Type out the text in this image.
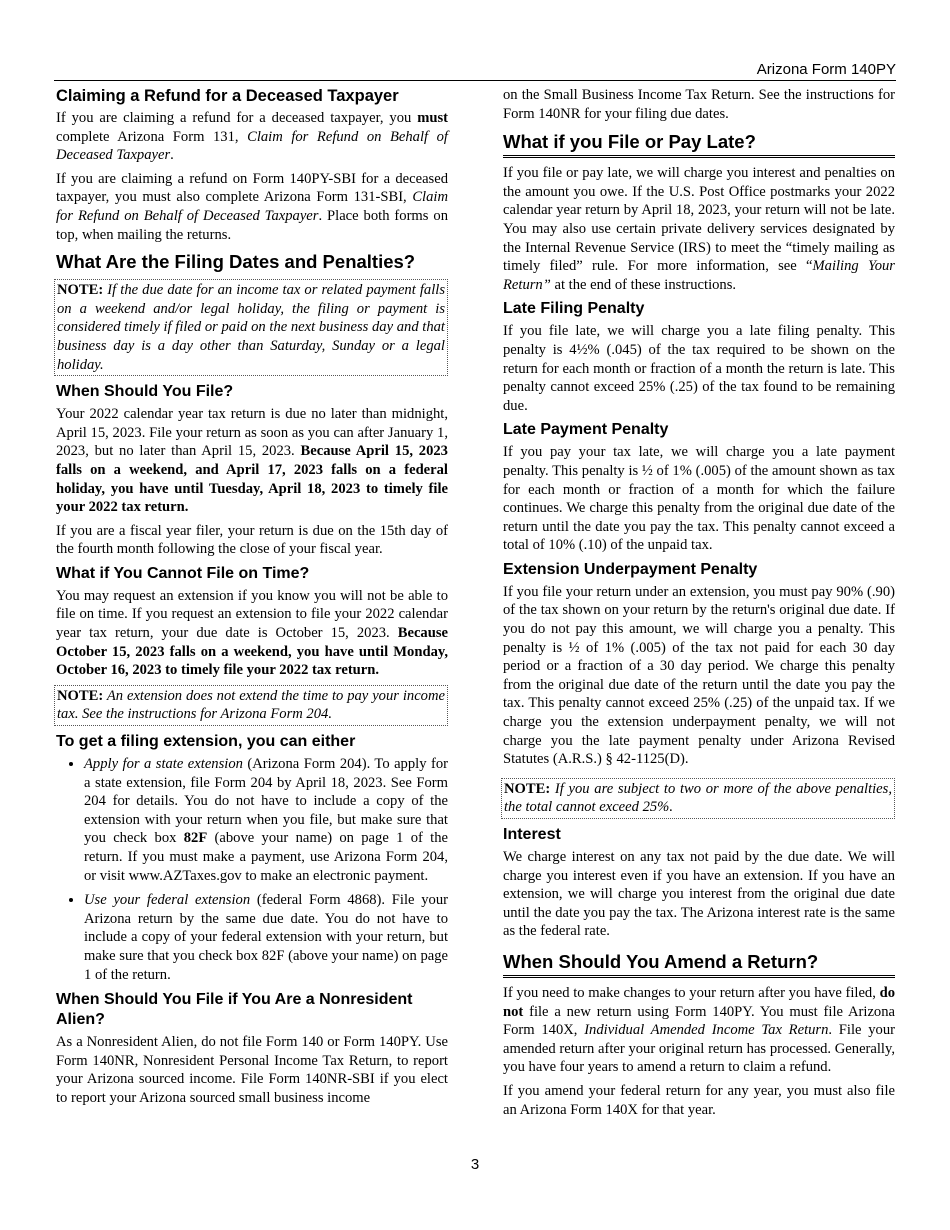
Arizona Form 140PY
Claiming a Refund for a Deceased Taxpayer

If you are claiming a refund for a deceased taxpayer, you must complete Arizona Form 131, Claim for Refund on Behalf of Deceased Taxpayer.

If you are claiming a refund on Form 140PY-SBI for a deceased taxpayer, you must also complete Arizona Form 131-SBI, Claim for Refund on Behalf of Deceased Taxpayer. Place both forms on top, when mailing the returns.

What Are the Filing Dates and Penalties?
NOTE: If the due date for an income tax or related payment falls on a weekend and/or legal holiday, the filing or payment is considered timely if filed or paid on the next business day and that business day is a day other than Saturday, Sunday or a legal holiday.
When Should You File?

Your 2022 calendar year tax return is due no later than midnight, April 15, 2023. File your return as soon as you can after January 1, 2023, but no later than April 15, 2023. Because April 15, 2023 falls on a weekend, and April 17, 2023 falls on a federal holiday, you have until Tuesday, April 18, 2023 to timely file your 2022 tax return.

If you are a fiscal year filer, your return is due on the 15th day of the fourth month following the close of your fiscal year.

What if You Cannot File on Time?

You may request an extension if you know you will not be able to file on time. If you request an extension to file your 2022 calendar year tax return, your due date is October 15, 2023. Because October 15, 2023 falls on a weekend, you have until Monday, October 16, 2023 to timely file your 2022 tax return.

NOTE: An extension does not extend the time to pay your income tax. See the instructions for Arizona Form 204.
To get a filing extension, you can either
• Apply for a state extension (Arizona Form 204). To apply for a state extension, file Form 204 by April 18, 2023. See Form 204 for details. You do not have to include a copy of the extension with your return when you file, but make sure that you check box 82F (above your name) on page 1 of the return. If you must make a payment, use Arizona Form 204, or visit www.AZTaxes.gov to make an electronic payment.
• Use your federal extension (federal Form 4868). File your Arizona return by the same due date. You do not have to include a copy of your federal extension with your return, but make sure that you check box 82F (above your name) on page 1 of the return.
When Should You File if You Are a Nonresident Alien?

As a Nonresident Alien, do not file Form 140 or Form 140PY. Use Form 140NR, Nonresident Personal Income Tax Return, to report your Arizona sourced income. File Form 140NR-SBI if you elect to report your Arizona sourced small business income

on the Small Business Income Tax Return. See the instructions for Form 140NR for your filing due dates.

What if you File or Pay Late?

If you file or pay late, we will charge you interest and penalties on the amount you owe. If the U.S. Post Office postmarks your 2022 calendar year return by April 18, 2023, your return will not be late. You may also use certain private delivery services designated by the Internal Revenue Service (IRS) to meet the “timely mailing as timely filed” rule. For more information, see “Mailing Your Return” at the end of these instructions.

Late Filing Penalty

If you file late, we will charge you a late filing penalty. This penalty is 4½% (.045) of the tax required to be shown on the return for each month or fraction of a month the return is late. This penalty cannot exceed 25% (.25) of the tax found to be remaining due.

Late Payment Penalty

If you pay your tax late, we will charge you a late payment penalty. This penalty is ½ of 1% (.005) of the amount shown as tax for each month or fraction of a month for which the failure continues. We charge this penalty from the original due date of the return until the date you pay the tax. This penalty cannot exceed a total of 10% (.10) of the unpaid tax.

Extension Underpayment Penalty

If you file your return under an extension, you must pay 90% (.90) of the tax shown on your return by the return's original due date. If you do not pay this amount, we will charge you a penalty. This penalty is ½ of 1% (.005) of the tax not paid for each 30 day period or a fraction of a 30 day period. We charge this penalty from the original due date of the return until the date you pay the tax. This penalty cannot exceed 25% (.25) of the unpaid tax. If we charge you the extension underpayment penalty, we will not charge you the late payment penalty under Arizona Revised Statutes (A.R.S.) § 42-1125(D).

NOTE: If you are subject to two or more of the above penalties, the total cannot exceed 25%.
Interest

We charge interest on any tax not paid by the due date. We will charge you interest even if you have an extension. If you have an extension, we will charge you interest from the original due date until the date you pay the tax. The Arizona interest rate is the same as the federal rate.

When Should You Amend a Return?

If you need to make changes to your return after you have filed, do not file a new return using Form 140PY. You must file Arizona Form 140X, Individual Amended Income Tax Return. File your amended return after your original return has processed. Generally, you have four years to amend a return to claim a refund.

If you amend your federal return for any year, you must also file an Arizona Form 140X for that year.

3
